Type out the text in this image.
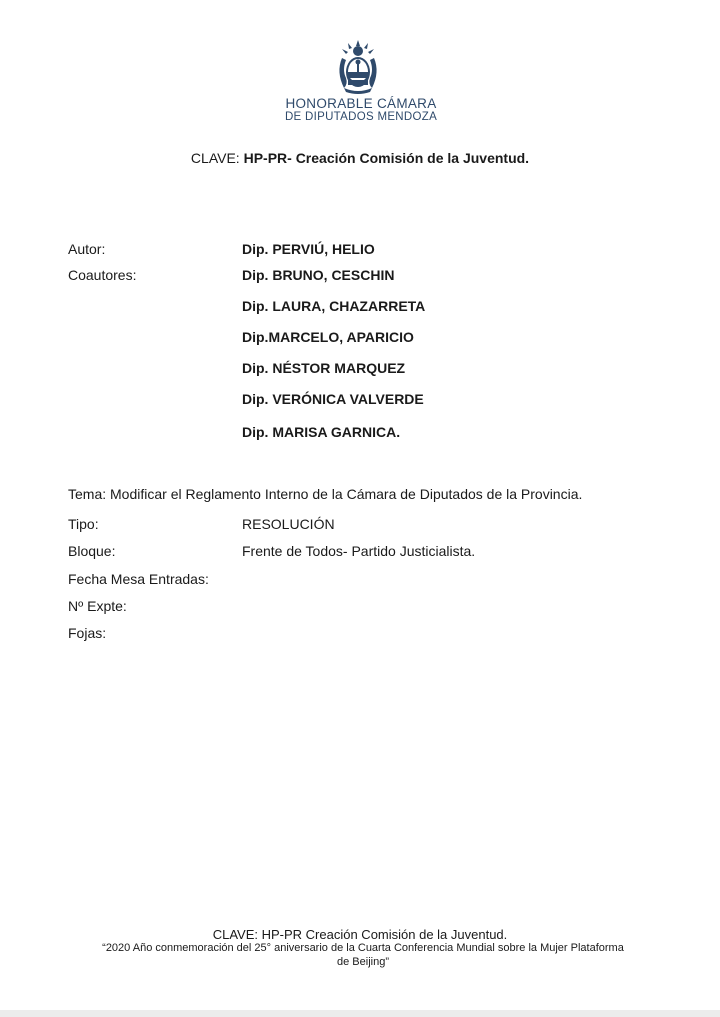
HONORABLE CÁMARA
DE DIPUTADOS MENDOZA
CLAVE: HP-PR- Creación Comisión de la Juventud.
Autor:	Dip. PERVIÚ, HELIO
Coautores:	Dip. BRUNO, CESCHIN
Dip. LAURA, CHAZARRETA
Dip.MARCELO, APARICIO
Dip. NÉSTOR MARQUEZ
Dip. VERÓNICA VALVERDE
Dip. MARISA GARNICA.
Tema: Modificar el Reglamento Interno de la Cámara de Diputados de la Provincia.
Tipo:	RESOLUCIÓN
Bloque:	Frente de Todos- Partido Justicialista.
Fecha Mesa Entradas:
Nº Expte:
Fojas:
CLAVE: HP-PR Creación Comisión de la Juventud.
“2020 Año conmemoración del 25° aniversario de la Cuarta Conferencia Mundial sobre la Mujer Plataforma
de Beijing”
